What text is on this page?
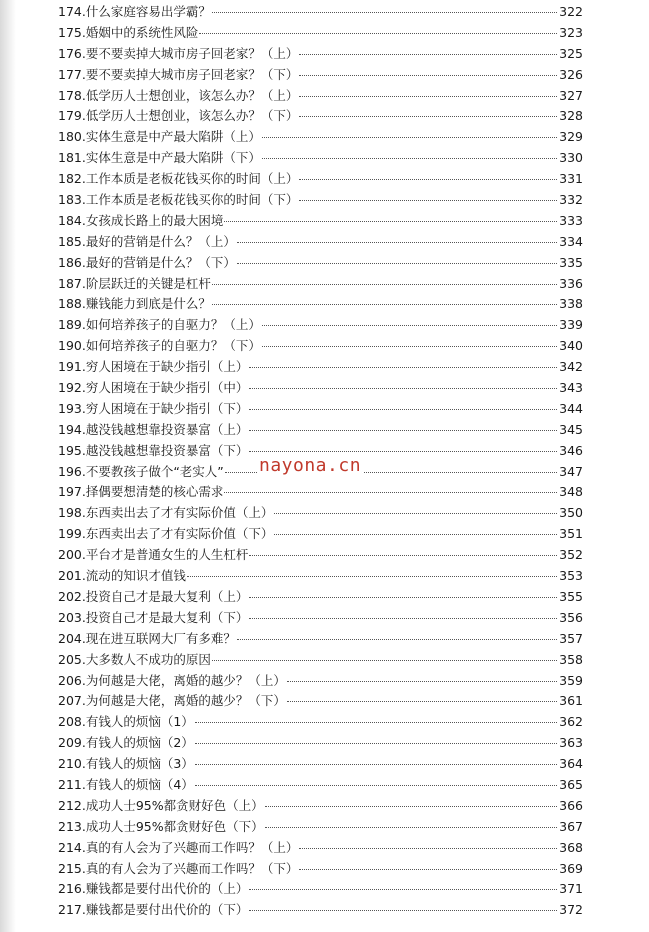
174.什么家庭容易出学霸？	322
175.婚姻中的系统性风险	323
176.要不要卖掉大城市房子回老家？（上）	325
177.要不要卖掉大城市房子回老家？（下）	326
178.低学历人士想创业，该怎么办？（上）	327
179.低学历人士想创业，该怎么办？（下）	328
180.实体生意是中产最大陷阱（上）	329
181.实体生意是中产最大陷阱（下）	330
182.工作本质是老板花钱买你的时间（上）	331
183.工作本质是老板花钱买你的时间（下）	332
184.女孩成长路上的最大困境	333
185.最好的营销是什么？（上）	334
186.最好的营销是什么？（下）	335
187.阶层跃迁的关键是杠杆	336
188.赚钱能力到底是什么？	338
189.如何培养孩子的自驱力？（上）	339
190.如何培养孩子的自驱力？（下）	340
191.穷人困境在于缺少指引（上）	342
192.穷人困境在于缺少指引（中）	343
193.穷人困境在于缺少指引（下）	344
194.越没钱越想靠投资暴富（上）	345
195.越没钱越想靠投资暴富（下）	346
196.不要教孩子做个“老实人”	347
197.择偶要想清楚的核心需求	348
198.东西卖出去了才有实际价值（上）	350
199.东西卖出去了才有实际价值（下）	351
200.平台才是普通女生的人生杠杆	352
201.流动的知识才值钱	353
202.投资自己才是最大复利（上）	355
203.投资自己才是最大复利（下）	356
204.现在进互联网大厂有多难？	357
205.大多数人不成功的原因	358
206.为何越是大佬，离婚的越少？（上）	359
207.为何越是大佬，离婚的越少？（下）	361
208.有钱人的烦恼（1）	362
209.有钱人的烦恼（2）	363
210.有钱人的烦恼（3）	364
211.有钱人的烦恼（4）	365
212.成功人士95%都贪财好色（上）	366
213.成功人士95%都贪财好色（下）	367
214.真的有人会为了兴趣而工作吗？（上）	368
215.真的有人会为了兴趣而工作吗？（下）	369
216.赚钱都是要付出代价的（上）	371
217.赚钱都是要付出代价的（下）	372
nayona.cn
